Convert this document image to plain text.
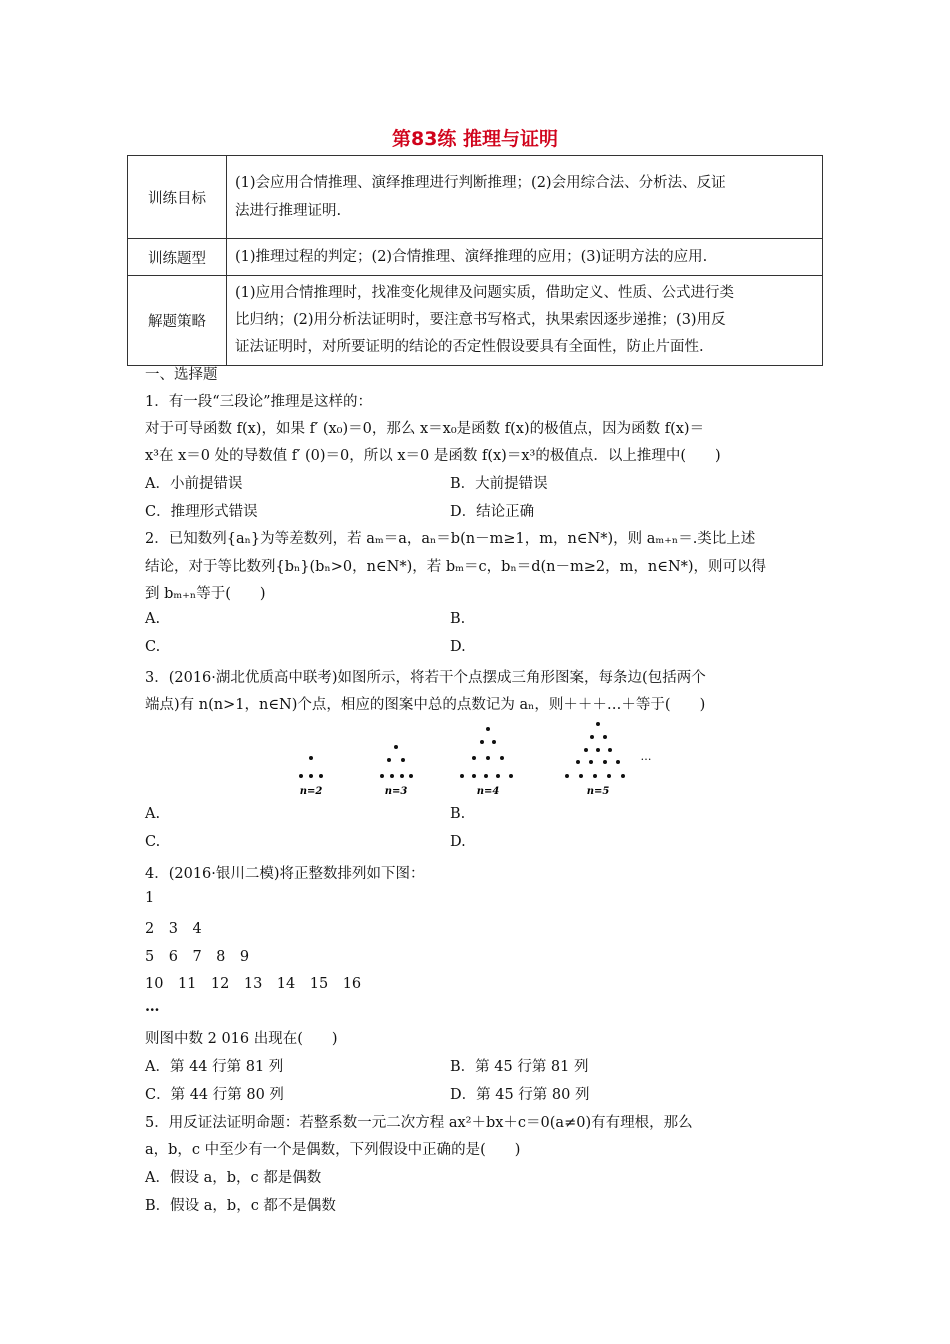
第83练 推理与证明
训练目标	(1)会应用合情推理、演绎推理进行判断推理；(2)会用综合法、分析法、反证
法进行推理证明.

训练题型	(1)推理过程的判定；(2)合情推理、演绎推理的应用；(3)证明方法的应用.

解题策略	(1)应用合情推理时，找准变化规律及问题实质，借助定义、性质、公式进行类
比归纳；(2)用分析法证明时，要注意书写格式，执果索因逐步递推；(3)用反
证法证明时，对所要证明的结论的否定性假设要具有全面性，防止片面性.
一、选择题
1．有一段“三段论”推理是这样的：
对于可导函数 f(x)，如果 f′ (x₀)＝0，那么 x＝x₀是函数 f(x)的极值点，因为函数 f(x)＝
x³在 x＝0 处的导数值 f′ (0)＝0，所以 x＝0 是函数 f(x)＝x³的极值点．以上推理中(　　)
A．小前提错误	B．大前提错误
C．推理形式错误	D．结论正确
2．已知数列{aₙ}为等差数列，若 aₘ＝a，aₙ＝b(n－m≥1，m，n∈N*)，则 aₘ₊ₙ＝.类比上述
结论，对于等比数列{bₙ}(bₙ>0，n∈N*)，若 bₘ＝c，bₙ＝d(n－m≥2，m，n∈N*)，则可以得
到 bₘ₊ₙ等于(　　)
A.	B.
C.	D.
3．(2016·湖北优质高中联考)如图所示，将若干个点摆成三角形图案，每条边(包括两个
端点)有 n(n>1，n∈N)个点，相应的图案中总的点数记为 aₙ，则＋＋＋…＋等于(　　)
n=2	n=3	n=4	n=5
…
A.	B.
C.	D.
4．(2016·银川二模)将正整数排列如下图：
1
2　3　4
5　6　7　8　9
10　11　12　13　14　15　16
…
则图中数 2 016 出现在(　　)
A．第 44 行第 81 列	B．第 45 行第 81 列
C．第 44 行第 80 列	D．第 45 行第 80 列
5．用反证法证明命题：若整系数一元二次方程 ax²＋bx＋c＝0(a≠0)有有理根，那么
a，b，c 中至少有一个是偶数，下列假设中正确的是(　　)
A．假设 a，b，c 都是偶数
B．假设 a，b，c 都不是偶数
